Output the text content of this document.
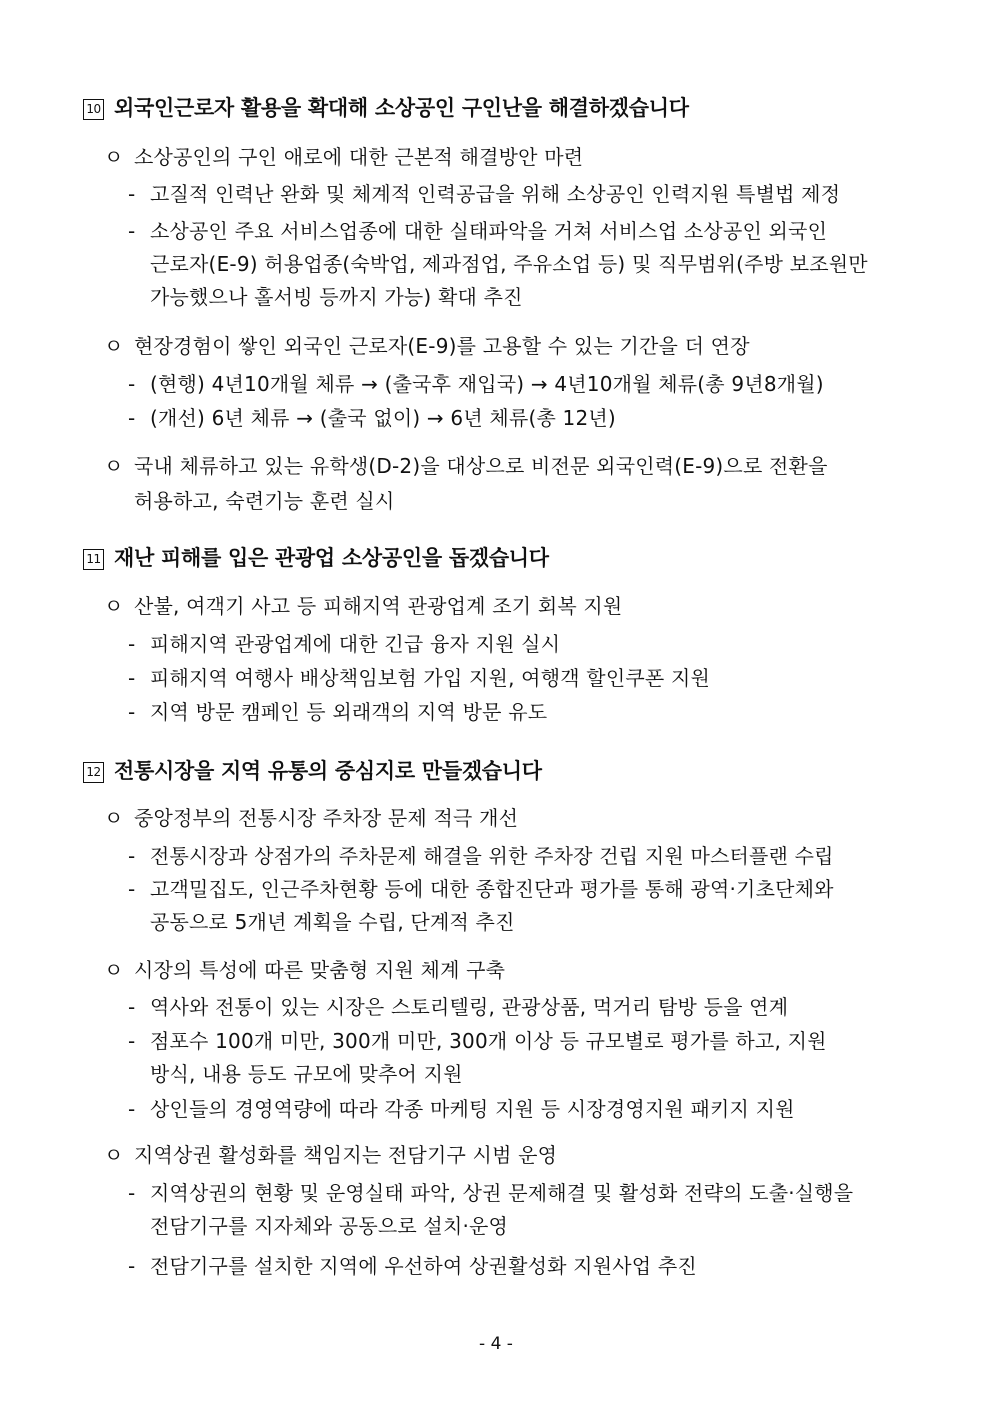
10 외국인근로자 활용을 확대해 소상공인 구인난을 해결하겠습니다
ㅇ 소상공인의 구인 애로에 대한 근본적 해결방안 마련
- 고질적 인력난 완화 및 체계적 인력공급을 위해 소상공인 인력지원 특별법 제정
- 소상공인 주요 서비스업종에 대한 실태파악을 거쳐 서비스업 소상공인 외국인
근로자(E-9) 허용업종(숙박업, 제과점업, 주유소업 등) 및 직무범위(주방 보조원만
가능했으나 홀서빙 등까지 가능) 확대 추진
ㅇ 현장경험이 쌓인 외국인 근로자(E-9)를 고용할 수 있는 기간을 더 연장
- (현행) 4년10개월 체류 → (출국후 재입국) → 4년10개월 체류(총 9년8개월)
- (개선) 6년 체류 → (출국 없이) → 6년 체류(총 12년)
ㅇ 국내 체류하고 있는 유학생(D-2)을 대상으로 비전문 외국인력(E-9)으로 전환을
허용하고, 숙련기능 훈련 실시
11 재난 피해를 입은 관광업 소상공인을 돕겠습니다
ㅇ 산불, 여객기 사고 등 피해지역 관광업계 조기 회복 지원
- 피해지역 관광업계에 대한 긴급 융자 지원 실시
- 피해지역 여행사 배상책임보험 가입 지원, 여행객 할인쿠폰 지원
- 지역 방문 캠페인 등 외래객의 지역 방문 유도
12 전통시장을 지역 유통의 중심지로 만들겠습니다
ㅇ 중앙정부의 전통시장 주차장 문제 적극 개선
- 전통시장과 상점가의 주차문제 해결을 위한 주차장 건립 지원 마스터플랜 수립
- 고객밀집도, 인근주차현황 등에 대한 종합진단과 평가를 통해 광역·기초단체와
공동으로 5개년 계획을 수립, 단계적 추진
ㅇ 시장의 특성에 따른 맞춤형 지원 체계 구축
- 역사와 전통이 있는 시장은 스토리텔링, 관광상품, 먹거리 탐방 등을 연계
- 점포수 100개 미만, 300개 미만, 300개 이상 등 규모별로 평가를 하고, 지원
방식, 내용 등도 규모에 맞추어 지원
- 상인들의 경영역량에 따라 각종 마케팅 지원 등 시장경영지원 패키지 지원
ㅇ 지역상권 활성화를 책임지는 전담기구 시범 운영
- 지역상권의 현황 및 운영실태 파악, 상권 문제해결 및 활성화 전략의 도출·실행을
전담기구를 지자체와 공동으로 설치·운영
- 전담기구를 설치한 지역에 우선하여 상권활성화 지원사업 추진
- 4 -
